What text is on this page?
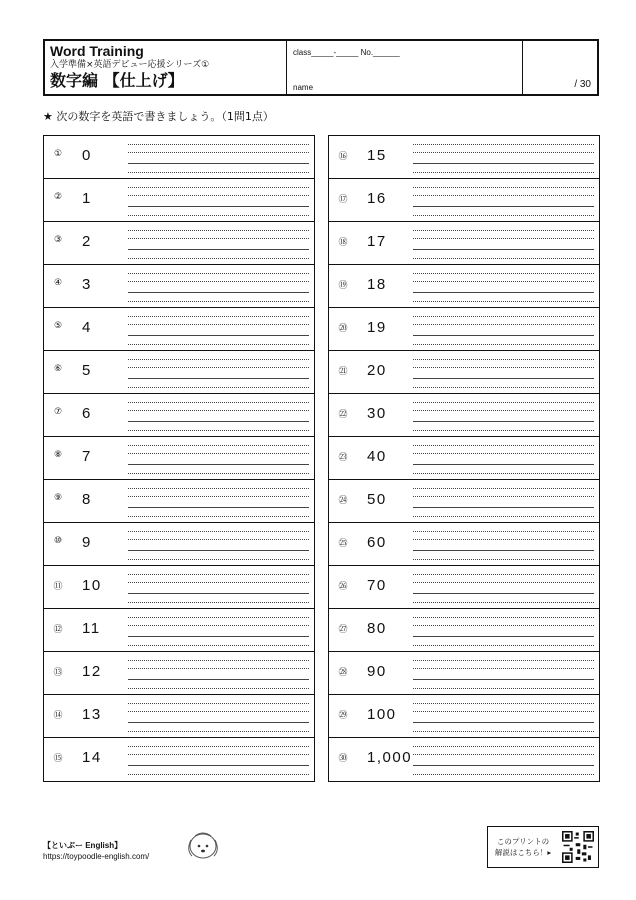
Word Training
入学準備×英語デビュー応援シリーズ①
数字編 【仕上げ】
class_____-_____ No.______
name	/ 30
★ 次の数字を英語で書きましょう。（1問1点）
① 0
② 1
③ 2
④ 3
⑤ 4
⑥ 5
⑦ 6
⑧ 7
⑨ 8
⑩ 9
⑪ 10
⑫ 11
⑬ 12
⑭ 13
⑮ 14
⑯ 15
⑰ 16
⑱ 17
⑲ 18
⑳ 19
㉑ 20
㉒ 30
㉓ 40
㉔ 50
㉕ 60
㉖ 70
㉗ 80
㉘ 90
㉙ 100
㉚ 1,000
【といぷー English】
https://toypoodle-english.com/
このプリントの
解説はこちら！▸
